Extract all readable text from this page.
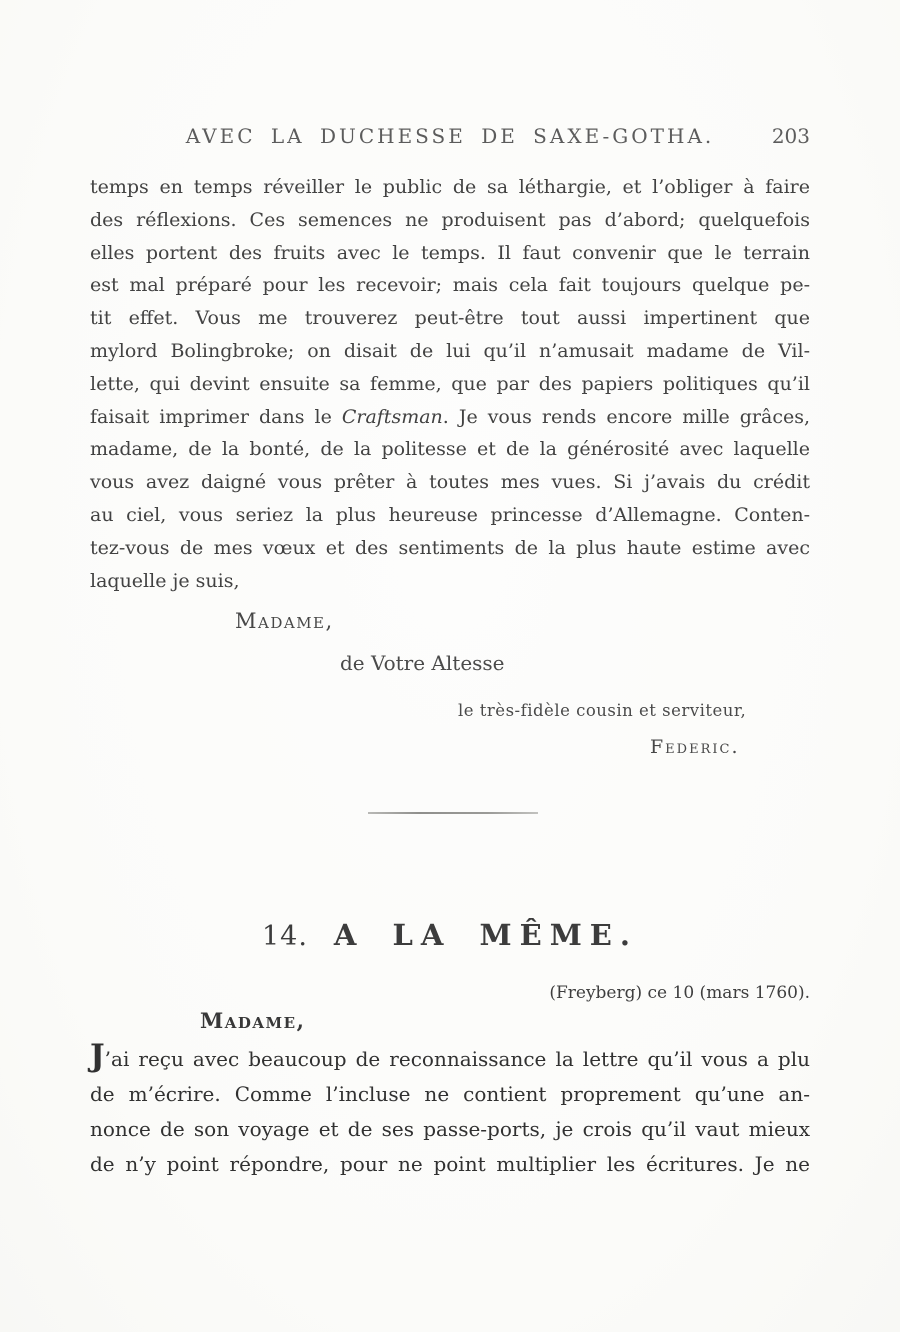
AVEC LA DUCHESSE DE SAXE-GOTHA.	203
temps en temps réveiller le public de sa léthargie, et l’obliger à faire
des réflexions. Ces semences ne produisent pas d’abord; quelquefois
elles portent des fruits avec le temps. Il faut convenir que le terrain
est mal préparé pour les recevoir; mais cela fait toujours quelque pe-
tit effet. Vous me trouverez peut-être tout aussi impertinent que
mylord Bolingbroke; on disait de lui qu’il n’amusait madame de Vil-
lette, qui devint ensuite sa femme, que par des papiers politiques qu’il
faisait imprimer dans le Craftsman. Je vous rends encore mille grâces,
madame, de la bonté, de la politesse et de la générosité avec laquelle
vous avez daigné vous prêter à toutes mes vues. Si j’avais du crédit
au ciel, vous seriez la plus heureuse princesse d’Allemagne. Conten-
tez-vous de mes vœux et des sentiments de la plus haute estime avec
laquelle je suis,
Madame,
de Votre Altesse
le très-fidèle cousin et serviteur,
Federic.
14. A LA MÊME.
(Freyberg) ce 10 (mars 1760).
Madame,
J’ai reçu avec beaucoup de reconnaissance la lettre qu’il vous a plu
de m’écrire. Comme l’incluse ne contient proprement qu’une an-
nonce de son voyage et de ses passe-ports, je crois qu’il vaut mieux
de n’y point répondre, pour ne point multiplier les écritures. Je ne
